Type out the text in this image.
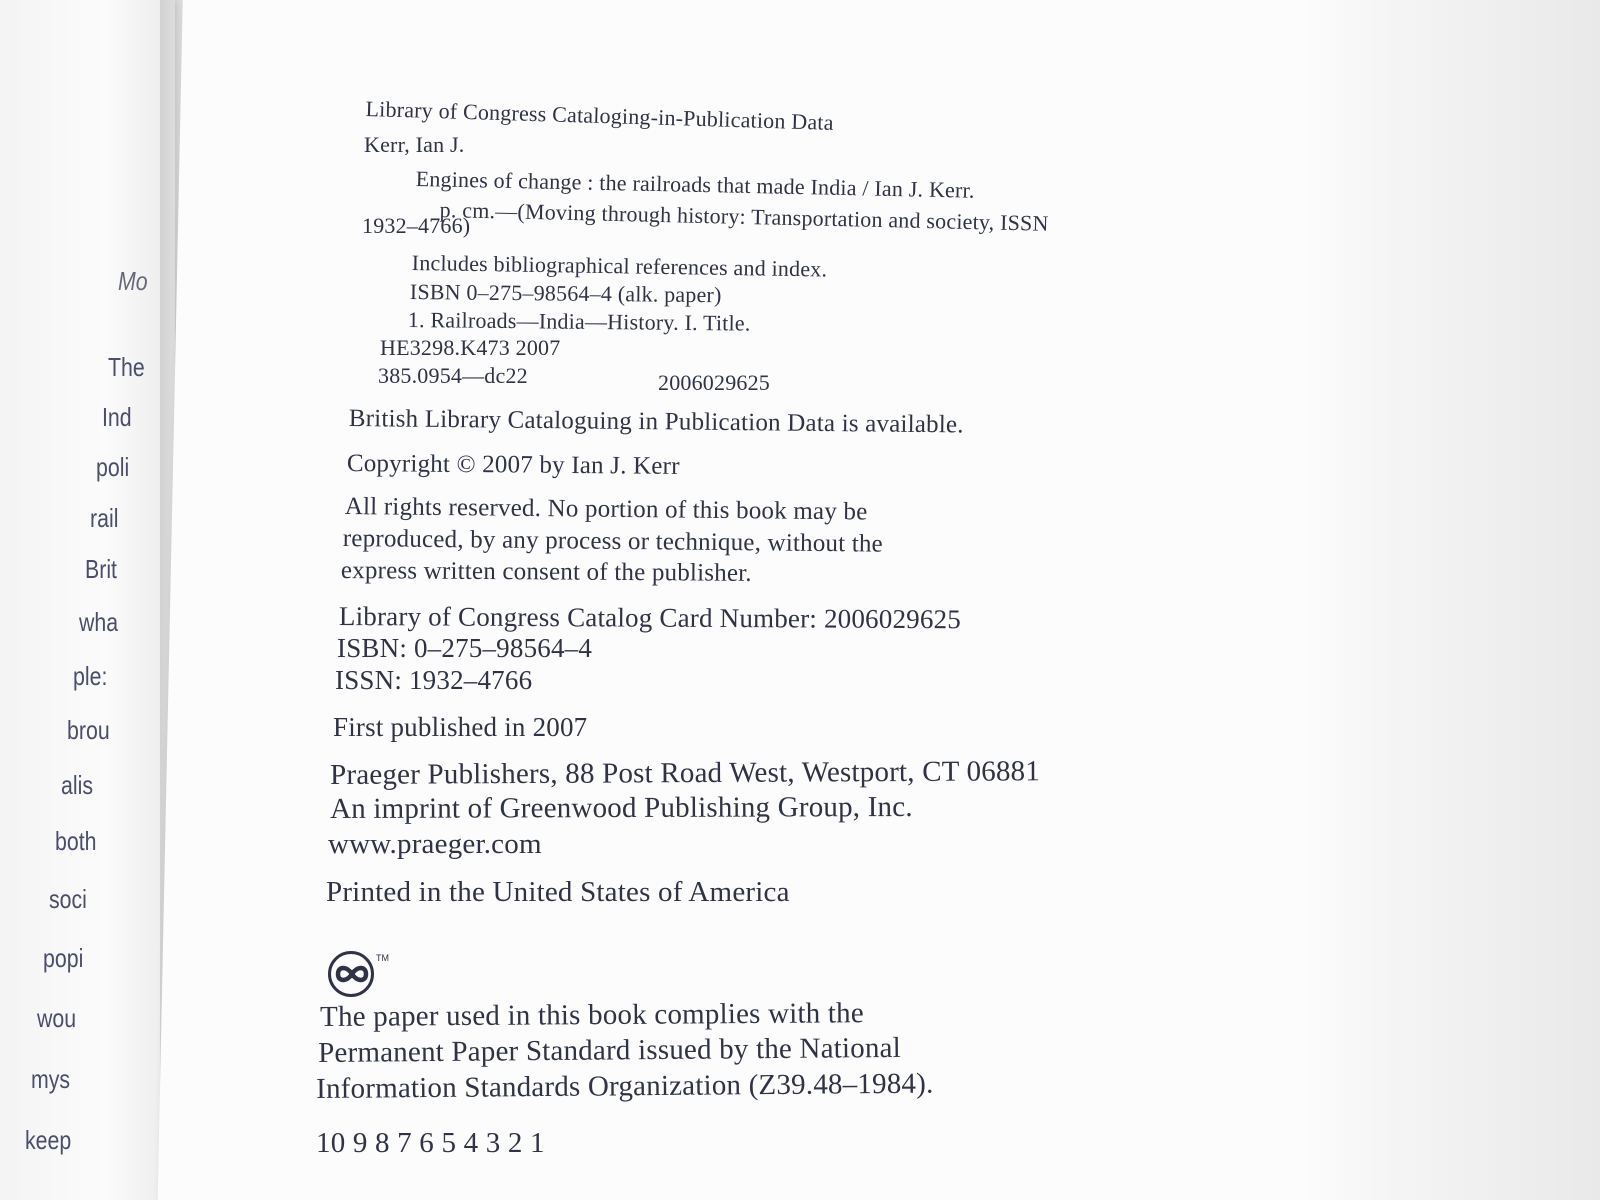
Mo
The
Ind
poli
rail
Brit
wha
ple:
brou
alis
both
soci
popi
wou
mys
keep
Library of Congress Cataloging-in-Publication Data
Kerr, Ian J.
Engines of change : the railroads that made India / Ian J. Kerr.
p. cm.—(Moving through history: Transportation and society, ISSN
1932–4766)
Includes bibliographical references and index.
ISBN 0–275–98564–4 (alk. paper)
1. Railroads—India—History. I. Title.
HE3298.K473 2007
385.0954—dc22	2006029625
British Library Cataloguing in Publication Data is available.
Copyright © 2007 by Ian J. Kerr
All rights reserved. No portion of this book may be
reproduced, by any process or technique, without the
express written consent of the publisher.
Library of Congress Catalog Card Number: 2006029625
ISBN: 0–275–98564–4
ISSN: 1932–4766
First published in 2007
Praeger Publishers, 88 Post Road West, Westport, CT 06881
An imprint of Greenwood Publishing Group, Inc.
www.praeger.com
Printed in the United States of America
TM
The paper used in this book complies with the
Permanent Paper Standard issued by the National
Information Standards Organization (Z39.48–1984).
10 9 8 7 6 5 4 3 2 1
